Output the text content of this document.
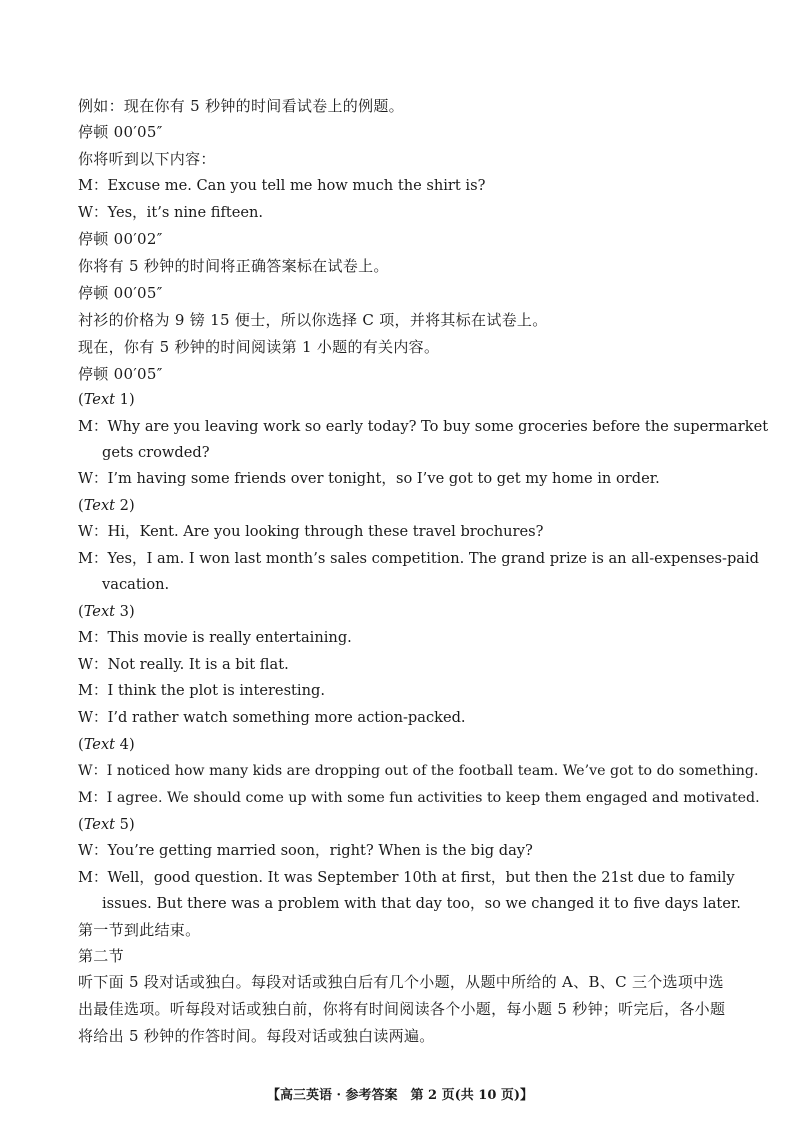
例如：现在你有 5 秒钟的时间看试卷上的例题。
停顿 00′05″
你将听到以下内容：
M：Excuse me. Can you tell me how much the shirt is?
W：Yes，it’s nine fifteen.
停顿 00′02″
你将有 5 秒钟的时间将正确答案标在试卷上。
停顿 00′05″
衬衫的价格为 9 镑 15 便士，所以你选择 C 项，并将其标在试卷上。
现在，你有 5 秒钟的时间阅读第 1 小题的有关内容。
停顿 00′05″
(Text 1)
M：Why are you leaving work so early today? To buy some groceries before the supermarket
gets crowded?
W：I’m having some friends over tonight，so I’ve got to get my home in order.
(Text 2)
W：Hi，Kent. Are you looking through these travel brochures?
M：Yes，I am. I won last month’s sales competition. The grand prize is an all-expenses-paid
vacation.
(Text 3)
M：This movie is really entertaining.
W：Not really. It is a bit flat.
M：I think the plot is interesting.
W：I’d rather watch something more action-packed.
(Text 4)
W：I noticed how many kids are dropping out of the football team. We’ve got to do something.
M：I agree. We should come up with some fun activities to keep them engaged and motivated.
(Text 5)
W：You’re getting married soon，right? When is the big day?
M：Well，good question. It was September 10th at first，but then the 21st due to family
issues. But there was a problem with that day too，so we changed it to five days later.
第一节到此结束。
第二节
听下面 5 段对话或独白。每段对话或独白后有几个小题，从题中所给的 A、B、C 三个选项中选
出最佳选项。听每段对话或独白前，你将有时间阅读各个小题，每小题 5 秒钟；听完后，各小题
将给出 5 秒钟的作答时间。每段对话或独白读两遍。
【高三英语 · 参考答案　第 2 页(共 10 页)】
